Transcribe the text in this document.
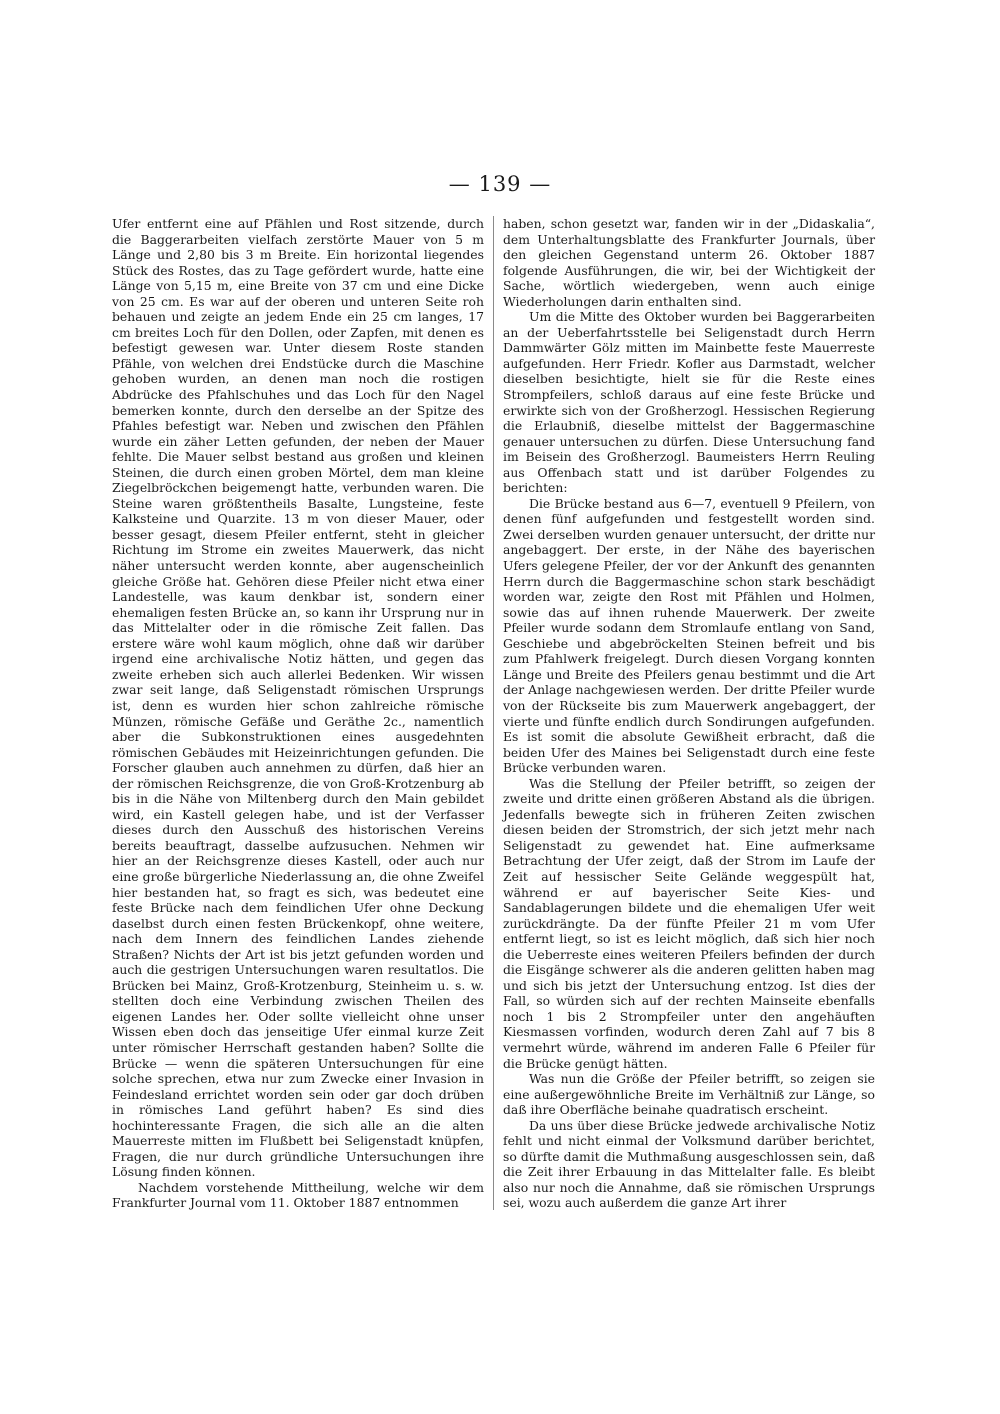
— 139 —

Ufer entfernt eine auf Pfählen und Rost sitzende, durch die Baggerarbeiten vielfach zerstörte Mauer von 5 m Länge und 2,80 bis 3 m Breite. Ein horizontal liegendes Stück des Rostes, das zu Tage gefördert wurde, hatte eine Länge von 5,15 m, eine Breite von 37 cm und eine Dicke von 25 cm. Es war auf der oberen und unteren Seite roh behauen und zeigte an jedem Ende ein 25 cm langes, 17 cm breites Loch für den Dollen, oder Zapfen, mit denen es befestigt gewesen war. Unter diesem Roste standen Pfähle, von welchen drei Endstücke durch die Maschine gehoben wurden, an denen man noch die rostigen Abdrücke des Pfahlschuhes und das Loch für den Nagel bemerken konnte, durch den derselbe an der Spitze des Pfahles befestigt war. Neben und zwischen den Pfählen wurde ein zäher Letten gefunden, der neben der Mauer fehlte. Die Mauer selbst bestand aus großen und kleinen Steinen, die durch einen groben Mörtel, dem man kleine Ziegelbröckchen beigemengt hatte, verbunden waren. Die Steine waren größtentheils Basalte, Lungsteine, feste Kalksteine und Quarzite. 13 m von dieser Mauer, oder besser gesagt, diesem Pfeiler entfernt, steht in gleicher Richtung im Strome ein zweites Mauerwerk, das nicht näher untersucht werden konnte, aber augenscheinlich gleiche Größe hat. Gehören diese Pfeiler nicht etwa einer Landestelle, was kaum denkbar ist, sondern einer ehemaligen festen Brücke an, so kann ihr Ursprung nur in das Mittelalter oder in die römische Zeit fallen. Das erstere wäre wohl kaum möglich, ohne daß wir darüber irgend eine archivalische Notiz hätten, und gegen das zweite erheben sich auch allerlei Bedenken. Wir wissen zwar seit lange, daß Seligenstadt römischen Ursprungs ist, denn es wurden hier schon zahlreiche römische Münzen, römische Gefäße und Geräthe 2c., namentlich aber die Subkonstruktionen eines ausgedehnten römischen Gebäudes mit Heizeinrichtungen gefunden. Die Forscher glauben auch annehmen zu dürfen, daß hier an der römischen Reichsgrenze, die von Groß-Krotzenburg ab bis in die Nähe von Miltenberg durch den Main gebildet wird, ein Kastell gelegen habe, und ist der Verfasser dieses durch den Ausschuß des historischen Vereins bereits beauftragt, dasselbe aufzusuchen. Nehmen wir hier an der Reichsgrenze dieses Kastell, oder auch nur eine große bürgerliche Niederlassung an, die ohne Zweifel hier bestanden hat, so fragt es sich, was bedeutet eine feste Brücke nach dem feindlichen Ufer ohne Deckung daselbst durch einen festen Brückenkopf, ohne weitere, nach dem Innern des feindlichen Landes ziehende Straßen? Nichts der Art ist bis jetzt gefunden worden und auch die gestrigen Untersuchungen waren resultatlos. Die Brücken bei Mainz, Groß-Krotzenburg, Steinheim u. s. w. stellten doch eine Verbindung zwischen Theilen des eigenen Landes her. Oder sollte vielleicht ohne unser Wissen eben doch das jenseitige Ufer einmal kurze Zeit unter römischer Herrschaft gestanden haben? Sollte die Brücke — wenn die späteren Untersuchungen für eine solche sprechen, etwa nur zum Zwecke einer Invasion in Feindesland errichtet worden sein oder gar doch drüben in römisches Land geführt haben? Es sind dies hochinteressante Fragen, die sich alle an die alten Mauerreste mitten im Flußbett bei Seligenstadt knüpfen, Fragen, die nur durch gründliche Untersuchungen ihre Lösung finden können.

Nachdem vorstehende Mittheilung, welche wir dem Frankfurter Journal vom 11. Oktober 1887 entnommen

haben, schon gesetzt war, fanden wir in der „Didaskalia“, dem Unterhaltungsblatte des Frankfurter Journals, über den gleichen Gegenstand unterm 26. Oktober 1887 folgende Ausführungen, die wir, bei der Wichtigkeit der Sache, wörtlich wiedergeben, wenn auch einige Wiederholungen darin enthalten sind.

Um die Mitte des Oktober wurden bei Baggerarbeiten an der Ueberfahrtsstelle bei Seligenstadt durch Herrn Dammwärter Gölz mitten im Mainbette feste Mauerreste aufgefunden. Herr Friedr. Kofler aus Darmstadt, welcher dieselben besichtigte, hielt sie für die Reste eines Strompfeilers, schloß daraus auf eine feste Brücke und erwirkte sich von der Großherzogl. Hessischen Regierung die Erlaubniß, dieselbe mittelst der Baggermaschine genauer untersuchen zu dürfen. Diese Untersuchung fand im Beisein des Großherzogl. Baumeisters Herrn Reuling aus Offenbach statt und ist darüber Folgendes zu berichten:

Die Brücke bestand aus 6—7, eventuell 9 Pfeilern, von denen fünf aufgefunden und festgestellt worden sind. Zwei derselben wurden genauer untersucht, der dritte nur angebaggert. Der erste, in der Nähe des bayerischen Ufers gelegene Pfeiler, der vor der Ankunft des genannten Herrn durch die Baggermaschine schon stark beschädigt worden war, zeigte den Rost mit Pfählen und Holmen, sowie das auf ihnen ruhende Mauerwerk. Der zweite Pfeiler wurde sodann dem Stromlaufe entlang von Sand, Geschiebe und abgebröckelten Steinen befreit und bis zum Pfahlwerk freigelegt. Durch diesen Vorgang konnten Länge und Breite des Pfeilers genau bestimmt und die Art der Anlage nachgewiesen werden. Der dritte Pfeiler wurde von der Rückseite bis zum Mauerwerk angebaggert, der vierte und fünfte endlich durch Sondirungen aufgefunden. Es ist somit die absolute Gewißheit erbracht, daß die beiden Ufer des Maines bei Seligenstadt durch eine feste Brücke verbunden waren.

Was die Stellung der Pfeiler betrifft, so zeigen der zweite und dritte einen größeren Abstand als die übrigen. Jedenfalls bewegte sich in früheren Zeiten zwischen diesen beiden der Stromstrich, der sich jetzt mehr nach Seligenstadt zu gewendet hat. Eine aufmerksame Betrachtung der Ufer zeigt, daß der Strom im Laufe der Zeit auf hessischer Seite Gelände weggespült hat, während er auf bayerischer Seite Kies- und Sandablagerungen bildete und die ehemaligen Ufer weit zurückdrängte. Da der fünfte Pfeiler 21 m vom Ufer entfernt liegt, so ist es leicht möglich, daß sich hier noch die Ueberreste eines weiteren Pfeilers befinden der durch die Eisgänge schwerer als die anderen gelitten haben mag und sich bis jetzt der Untersuchung entzog. Ist dies der Fall, so würden sich auf der rechten Mainseite ebenfalls noch 1 bis 2 Strompfeiler unter den angehäuften Kiesmassen vorfinden, wodurch deren Zahl auf 7 bis 8 vermehrt würde, während im anderen Falle 6 Pfeiler für die Brücke genügt hätten.

Was nun die Größe der Pfeiler betrifft, so zeigen sie eine außergewöhnliche Breite im Verhältniß zur Länge, so daß ihre Oberfläche beinahe quadratisch erscheint.

Da uns über diese Brücke jedwede archivalische Notiz fehlt und nicht einmal der Volksmund darüber berichtet, so dürfte damit die Muthmaßung ausgeschlossen sein, daß die Zeit ihrer Erbauung in das Mittelalter falle. Es bleibt also nur noch die Annahme, daß sie römischen Ursprungs sei, wozu auch außerdem die ganze Art ihrer
